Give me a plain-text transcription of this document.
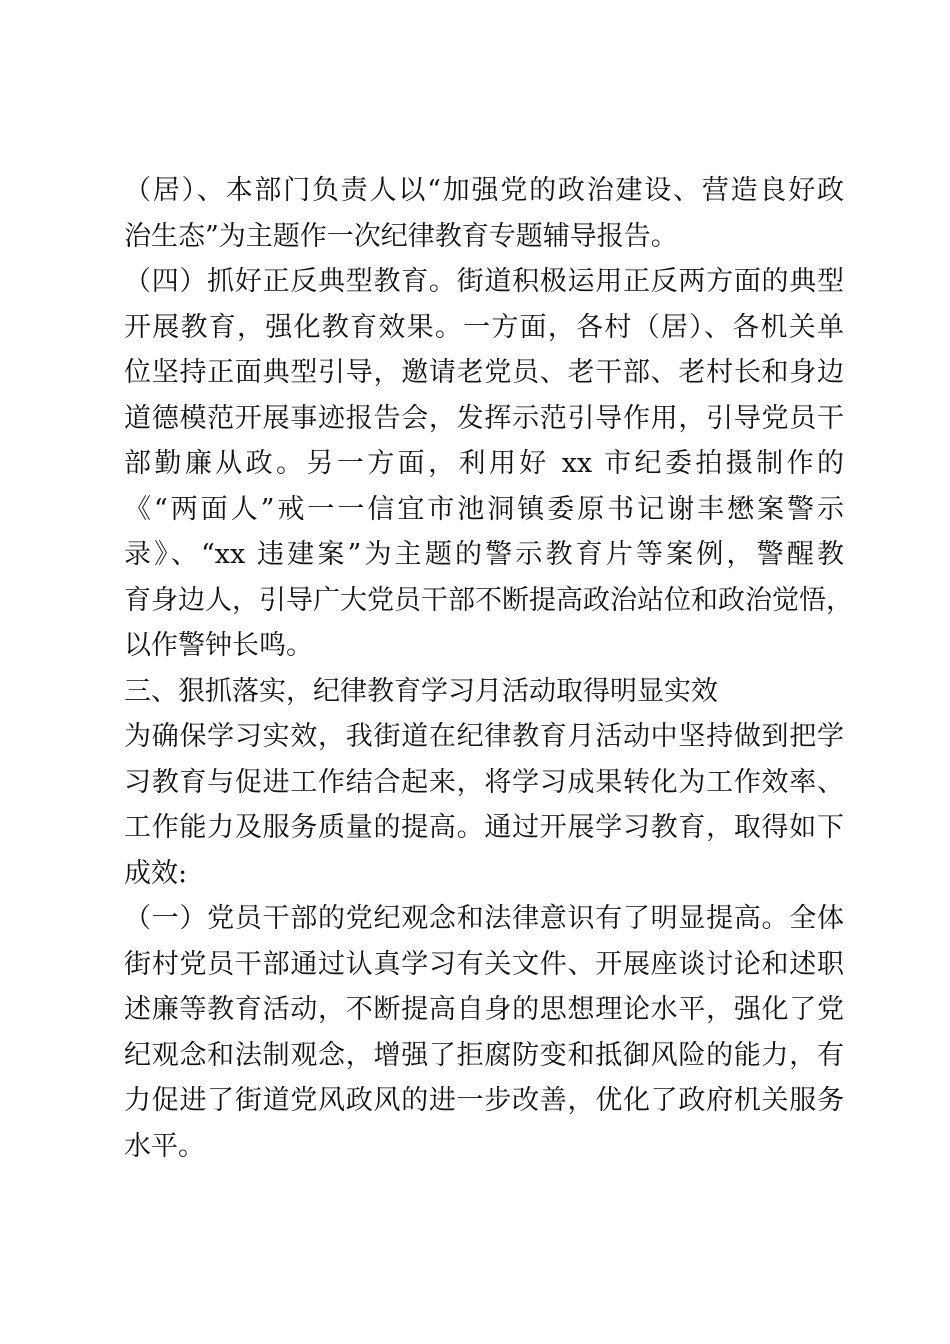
（居）、本部门负责人以“加强党的政治建设、营造良好政
治生态”为主题作一次纪律教育专题辅导报告。
（四）抓好正反典型教育。街道积极运用正反两方面的典型
开展教育，强化教育效果。一方面，各村（居）、各机关单
位坚持正面典型引导，邀请老党员、老干部、老村长和身边
道德模范开展事迹报告会，发挥示范引导作用，引导党员干
部勤廉从政。另一方面，利用好 xx 市纪委拍摄制作的
《“两面人”戒一一信宜市池洞镇委原书记谢丰懋案警示
录》、“xx 违建案”为主题的警示教育片等案例，警醒教
育身边人，引导广大党员干部不断提高政治站位和政治觉悟，
以作警钟长鸣。
三、狠抓落实，纪律教育学习月活动取得明显实效
为确保学习实效，我街道在纪律教育月活动中坚持做到把学
习教育与促进工作结合起来，将学习成果转化为工作效率、
工作能力及服务质量的提高。通过开展学习教育，取得如下
成效:
（一）党员干部的党纪观念和法律意识有了明显提高。全体
街村党员干部通过认真学习有关文件、开展座谈讨论和述职
述廉等教育活动，不断提高自身的思想理论水平，强化了党
纪观念和法制观念，增强了拒腐防变和抵御风险的能力，有
力促进了街道党风政风的进一步改善，优化了政府机关服务
水平。
